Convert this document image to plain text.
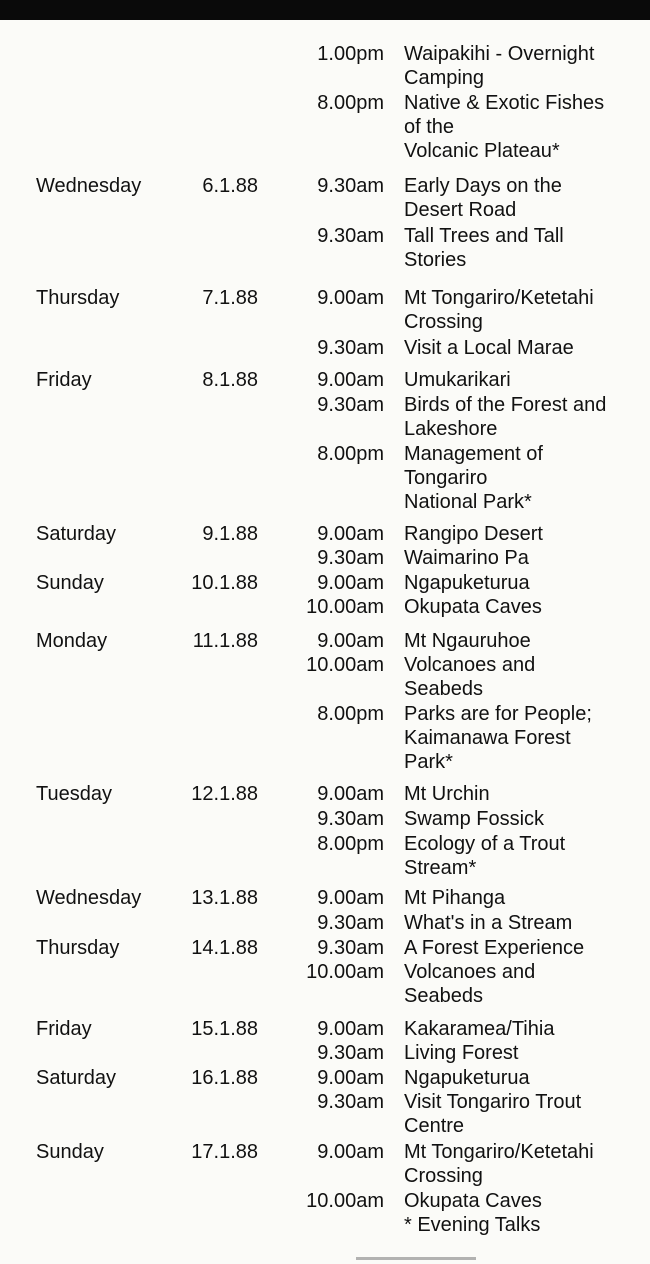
1.00pm Waipakihi - Overnight
Camping
8.00pm Native & Exotic Fishes
of the
Volcanic Plateau*
Wednesday	6.1.88	9.30am Early Days on the
Desert Road
9.30am Tall Trees and Tall
Stories
Thursday	7.1.88	9.00am Mt Tongariro/Ketetahi
Crossing
9.30am Visit a Local Marae
Friday	8.1.88	9.00am Umukarikari
9.30am Birds of the Forest and
Lakeshore
8.00pm Management of
Tongariro
National Park*
Saturday	9.1.88	9.00am Rangipo Desert
9.30am Waimarino Pa
Sunday	10.1.88	9.00am Ngapuketurua
10.00am Okupata Caves
Monday	11.1.88	9.00am Mt Ngauruhoe
10.00am Volcanoes and
Seabeds
8.00pm Parks are for People;
Kaimanawa Forest
Park*
Tuesday	12.1.88	9.00am Mt Urchin
9.30am Swamp Fossick
8.00pm Ecology of a Trout
Stream*
Wednesday	13.1.88	9.00am Mt Pihanga
9.30am What's in a Stream
Thursday	14.1.88	9.30am A Forest Experience
10.00am Volcanoes and
Seabeds
Friday	15.1.88	9.00am Kakaramea/Tihia
9.30am Living Forest
Saturday	16.1.88	9.00am Ngapuketurua
9.30am Visit Tongariro Trout
Centre
Sunday	17.1.88	9.00am Mt Tongariro/Ketetahi
Crossing
10.00am Okupata Caves
* Evening Talks
